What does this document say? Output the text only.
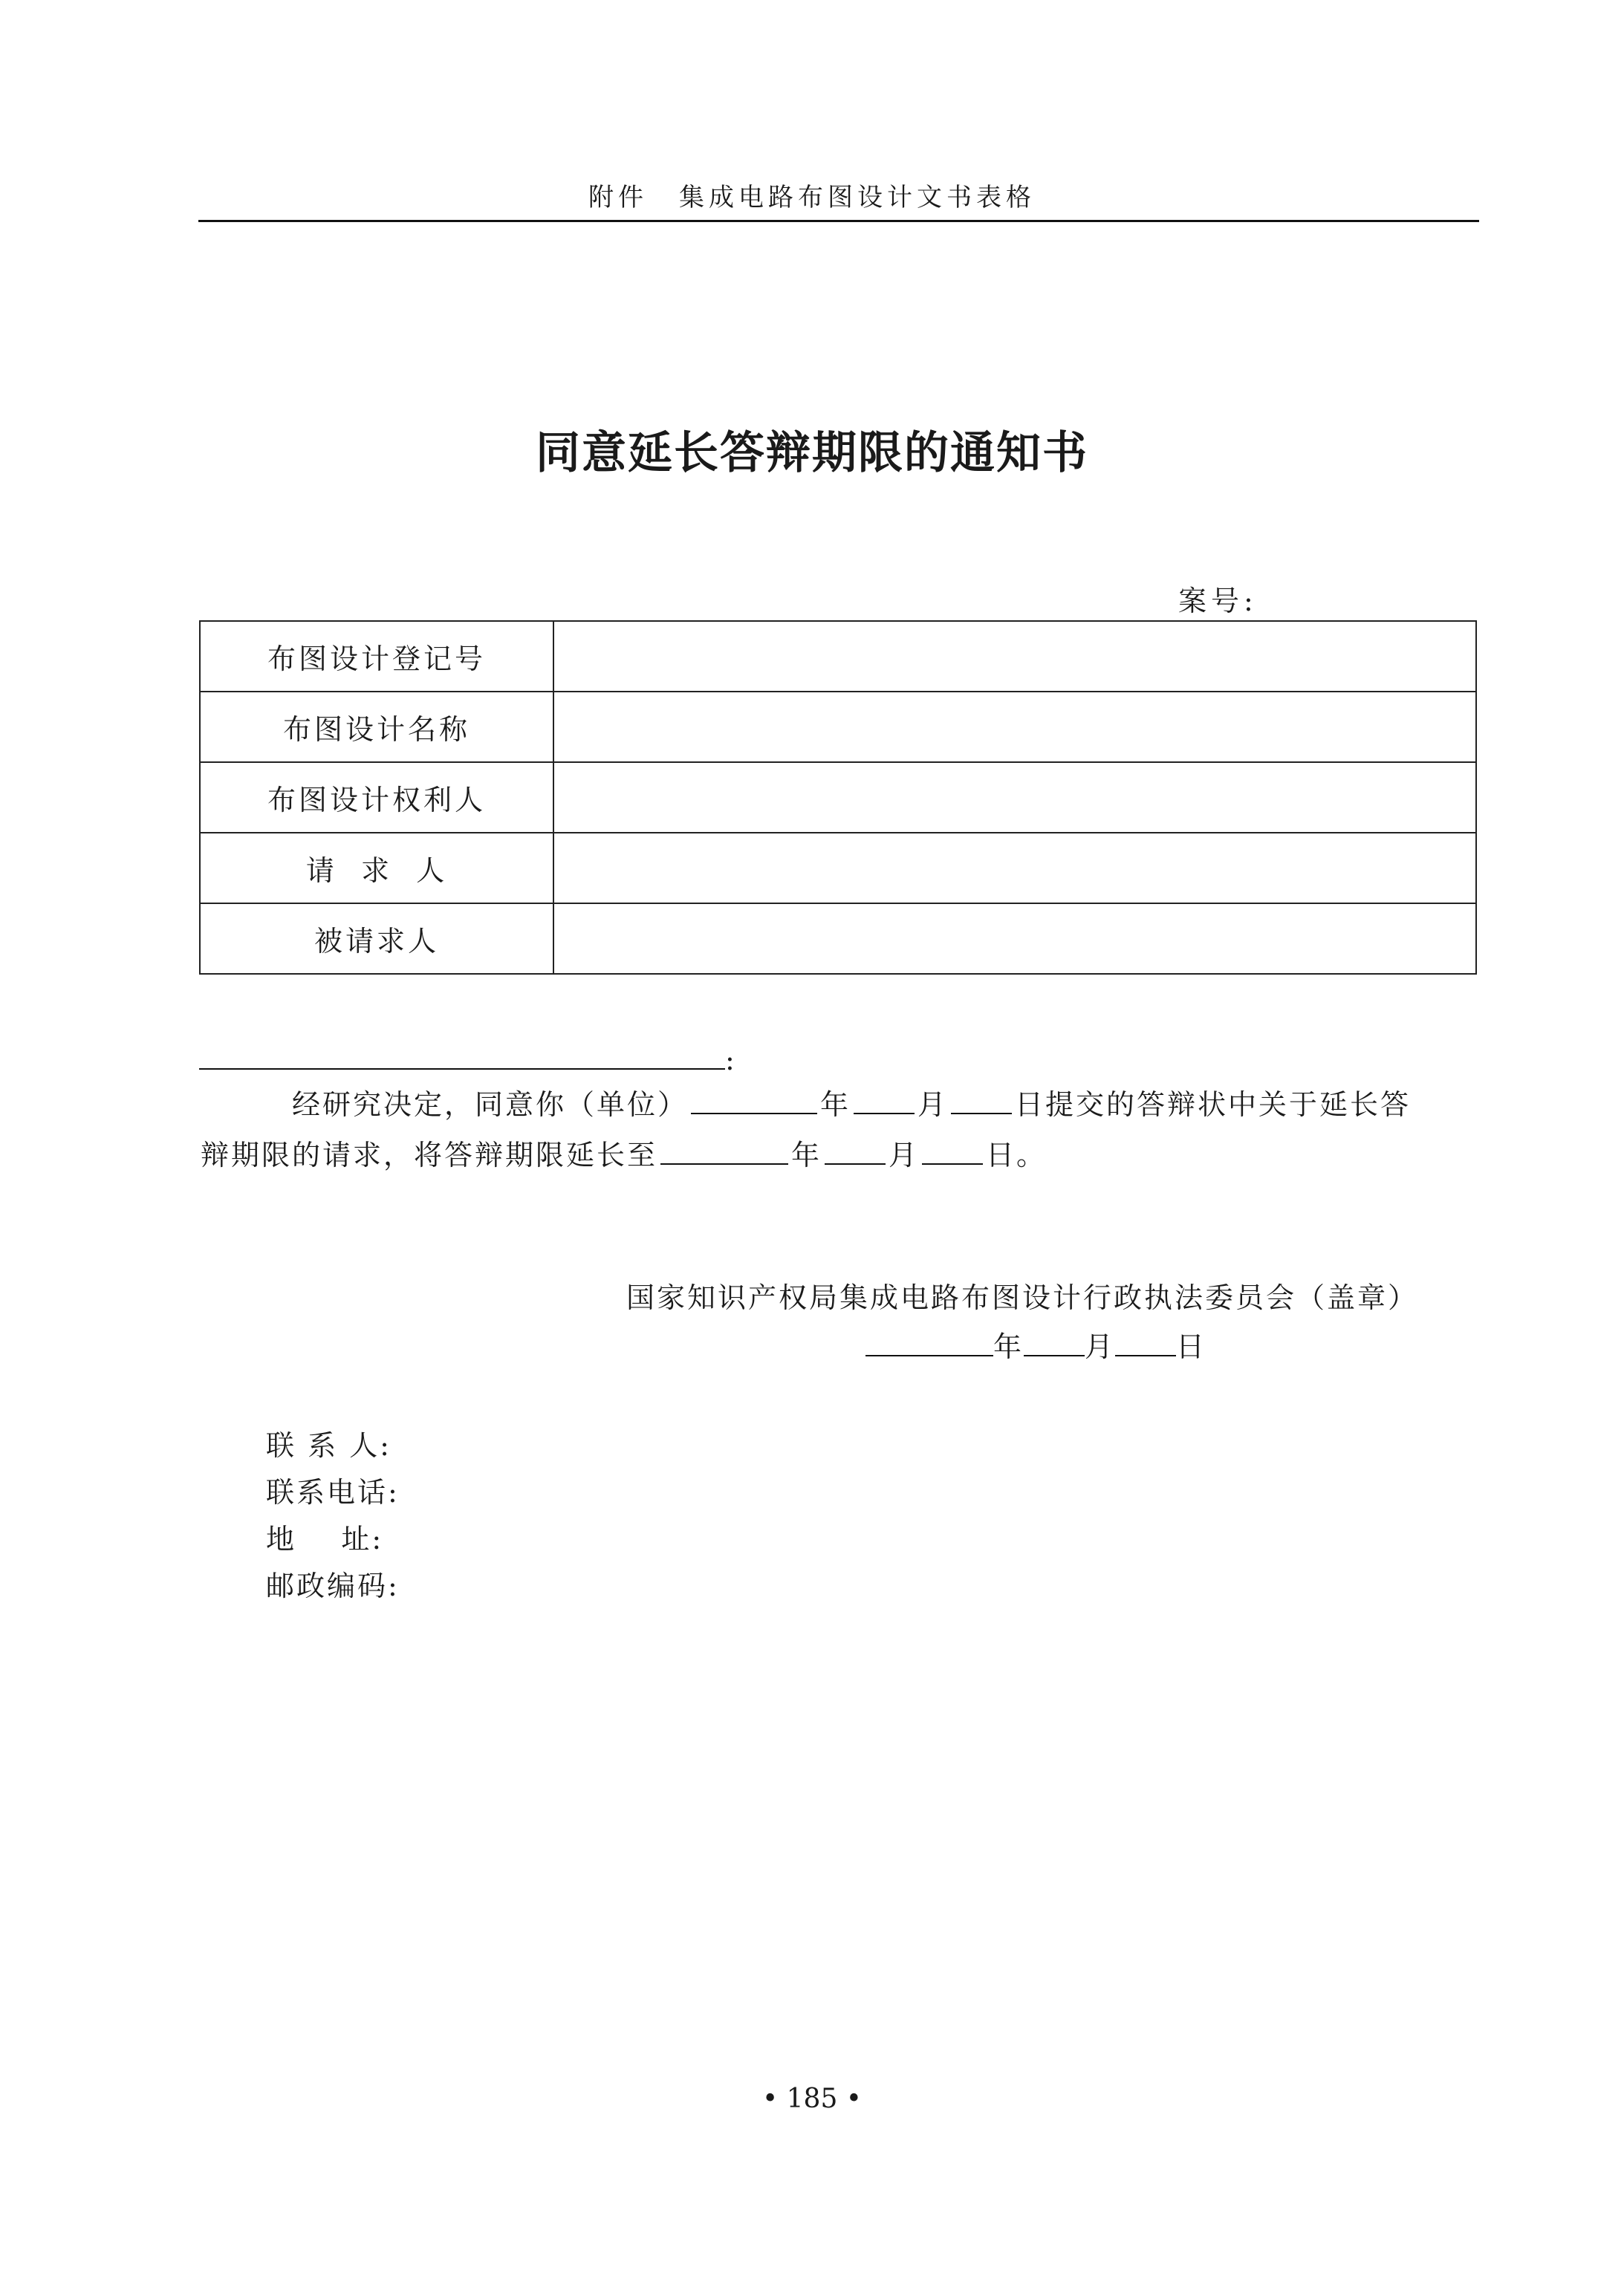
附件 集成电路布图设计文书表格
同意延长答辩期限的通知书
案号:
布图设计登记号	
布图设计名称	
布图设计权利人	
请  求  人	
被请求人	
:
经研究决定，同意你（单位）	年 月 日提交的答辩状中关于延长答
辩期限的请求，将答辩期限延长至	年 月 日。
国家知识产权局集成电路布图设计行政执法委员会（盖章）
年 月 日
联 系 人:
联系电话:
地    址:
邮政编码:
• 185 •
